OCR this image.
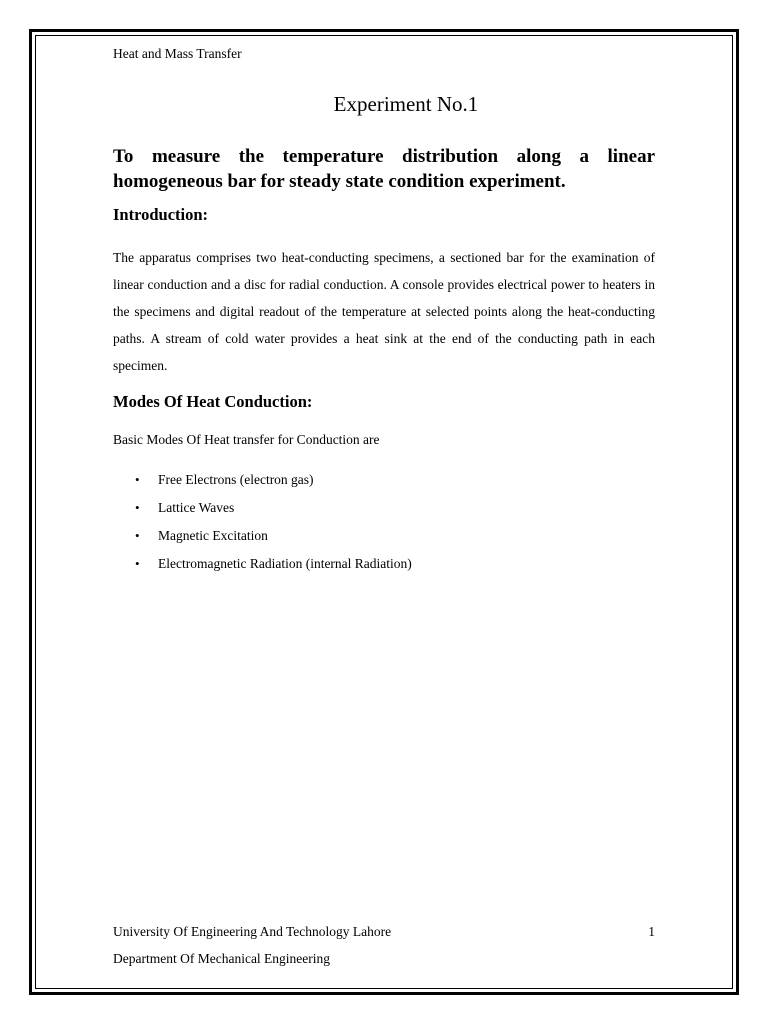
Heat and Mass Transfer
Experiment No.1
To measure the temperature distribution along a linear
homogeneous bar for steady state condition experiment.
Introduction:
The apparatus comprises two heat-conducting specimens, a sectioned bar for the examination of linear conduction and a disc for radial conduction. A console provides electrical power to heaters in the specimens and digital readout of the temperature at selected points along the heat-conducting paths. A stream of cold water provides a heat sink at the end of the conducting path in each specimen.
Modes Of Heat Conduction:
Basic Modes Of Heat transfer for Conduction are
• Free Electrons (electron gas)
• Lattice Waves
• Magnetic Excitation
• Electromagnetic Radiation (internal Radiation)
University Of Engineering And Technology Lahore	1
Department Of Mechanical Engineering
